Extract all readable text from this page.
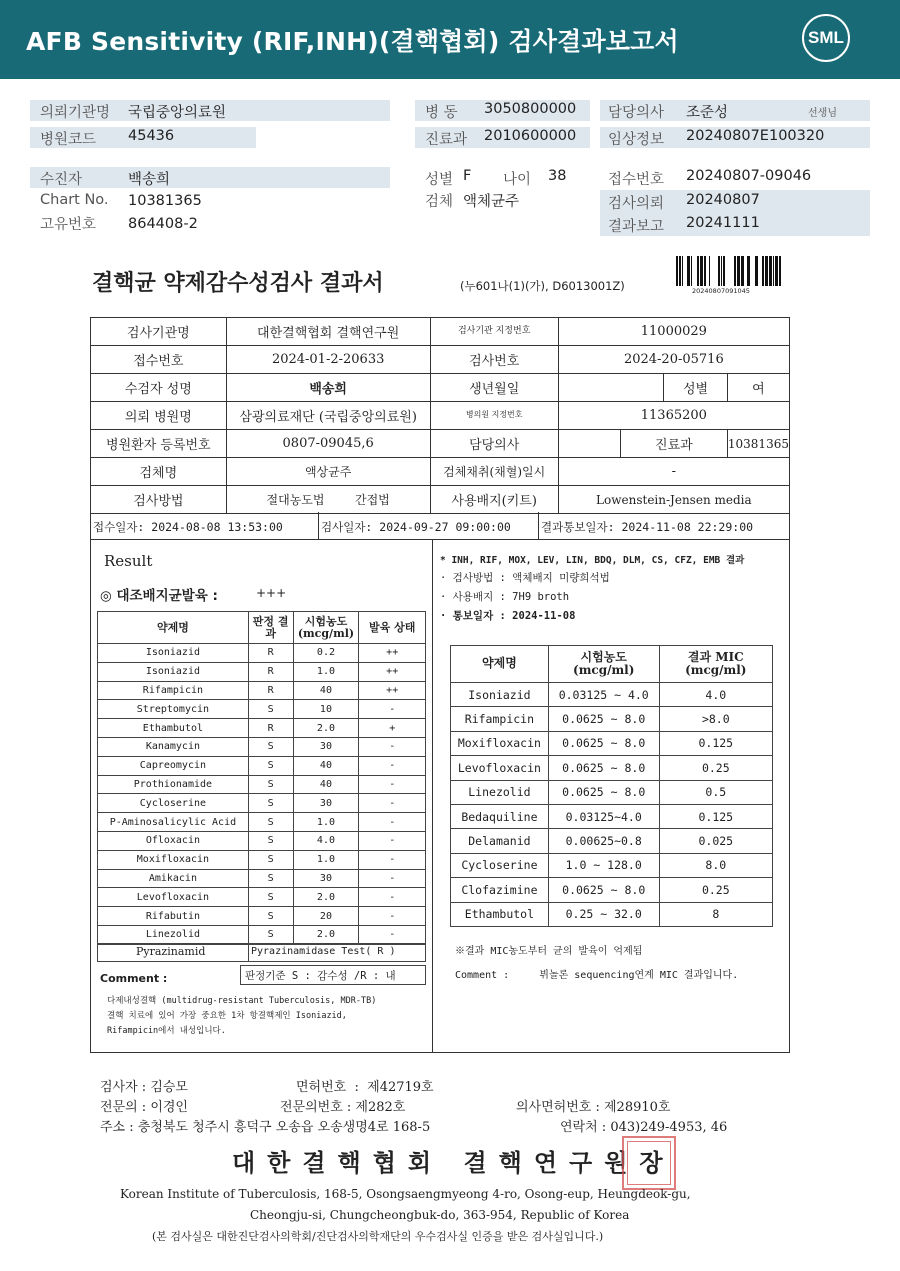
AFB Sensitivity (RIF,INH)(결핵협회) 검사결과보고서	SML
의뢰기관명 국립중앙의료원
병원코드 45436
병 동 3050800000
진료과 2010600000
담당의사 조준성	선생님
임상정보 20240807E100320
수진자	백송희
Chart No. 10381365
고유번호 864408-2
성별 F 나이 38
검체 액체균주
접수번호 20240807-09046
검사의뢰 20240807
결과보고 20241111
결핵균 약제감수성검사 결과서	(누601나(1)(가), D6013001Z)	20240807091045
검사기관명	대한결핵협회 결핵연구원	검사기관 지정번호	11000029			
접수번호	2024-01-2-20633	검사번호	2024-20-05716			
수검자 성명	백송희	생년월일			성별	여
의뢰 병원명	삼광의료재단 (국립중앙의료원)	병의원 지정번호	11365200			
병원환자 등록번호	0807-09045,6	담당의사		진료과		10381365
검체명	액상균주	검체채취(채혈)일시	-			
검사방법	절대농도법 간접법	사용배지(키트)	Lowenstein-Jensen media			
접수일자: 2024-08-08 13:53:00	검사일자: 2024-09-27 09:00:00	결과통보일자: 2024-11-08 22:29:00
Result
◎ 대조배지균발육 :	+++
약제명	판정 결과	시험농도 (mcg/ml)	발육 상태
Isoniazid	R	0.2	++
Isoniazid	R	1.0	++
Rifampicin	R	40	++
Streptomycin	S	10	-
Ethambutol	R	2.0	+
Kanamycin	S	30	-
Capreomycin	S	40	-
Prothionamide	S	40	-
Cycloserine	S	30	-
P-Aminosalicylic Acid	S	1.0	-
Ofloxacin	S	4.0	-
Moxifloxacin	S	1.0	-
Amikacin	S	30	-
Levofloxacin	S	2.0	-
Rifabutin	S	20	-
Linezolid	S	2.0	-
Pyrazinamid	Pyrazinamidase Test( R )
Comment :	판정기준 S : 감수성 /R : 내
다제내성결핵 (multidrug-resistant Tuberculosis, MDR-TB)
결핵 치료에 있어 가장 중요한 1차 항결핵제인 Isoniazid,
Rifampicin에서 내성입니다.
* INH, RIF, MOX, LEV, LIN, BDQ, DLM, CS, CFZ, EMB 결과
· 검사방법 : 액체배지 미량희석법
· 사용배지 : 7H9 broth
· 통보일자 : 2024-11-08
약제명	시험농도 (mcg/ml)	결과 MIC (mcg/ml)
Isoniazid	0.03125 ~ 4.0	4.0
Rifampicin	0.0625 ~ 8.0	>8.0
Moxifloxacin	0.0625 ~ 8.0	0.125
Levofloxacin	0.0625 ~ 8.0	0.25
Linezolid	0.0625 ~ 8.0	0.5
Bedaquiline	0.03125~4.0	0.125
Delamanid	0.00625~0.8	0.025
Cycloserine	1.0 ~ 128.0	8.0
Clofazimine	0.0625 ~ 8.0	0.25
Ethambutol	0.25 ~ 32.0	8
※결과 MIC농도부터 균의 발육이 억제됨
Comment :     뷔놀론 sequencing연계 MIC 결과입니다.
검사자 : 김승모	면허번호  :  제42719호
전문의 : 이경인	전문의번호 : 제282호	의사면허번호 : 제28910호
주소 : 충청북도 청주시 흥덕구 오송읍 오송생명4로 168-5	연락처 : 043)249-4953, 46
대한결핵협회 결핵연구원장
Korean Institute of Tuberculosis, 168-5, Osongsaengmyeong 4-ro, Osong-eup, Heungdeok-gu,
Cheongju-si, Chungcheongbuk-do, 363-954, Republic of Korea
(본 검사실은 대한진단검사의학회/진단검사의학재단의 우수검사실 인증을 받은 검사실입니다.)
